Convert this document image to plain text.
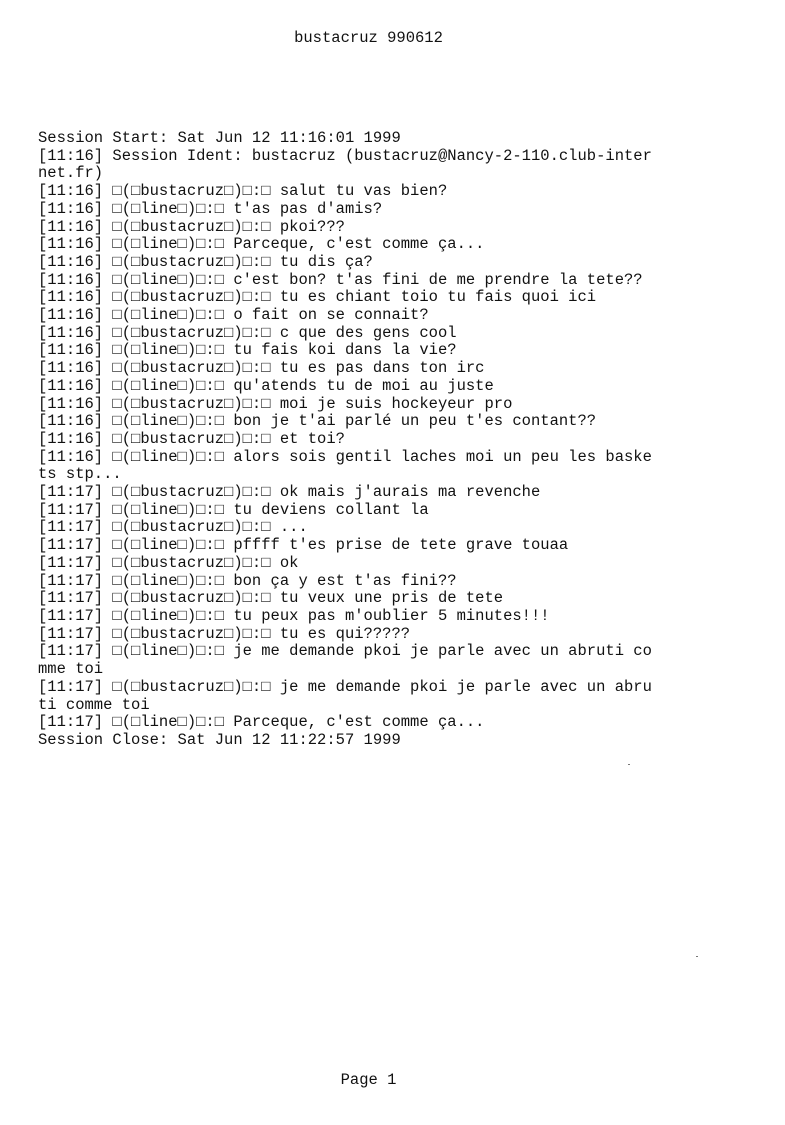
bustacruz 990612
Session Start: Sat Jun 12 11:16:01 1999
[11:16] Session Ident: bustacruz (bustacruz@Nancy-2-110.club-inter
net.fr)
[11:16] □(□bustacruz□)□:□ salut tu vas bien?
[11:16] □(□line□)□:□ t'as pas d'amis?
[11:16] □(□bustacruz□)□:□ pkoi???
[11:16] □(□line□)□:□ Parceque, c'est comme ça...
[11:16] □(□bustacruz□)□:□ tu dis ça?
[11:16] □(□line□)□:□ c'est bon? t'as fini de me prendre la tete??
[11:16] □(□bustacruz□)□:□ tu es chiant toio tu fais quoi ici
[11:16] □(□line□)□:□ o fait on se connait?
[11:16] □(□bustacruz□)□:□ c que des gens cool
[11:16] □(□line□)□:□ tu fais koi dans la vie?
[11:16] □(□bustacruz□)□:□ tu es pas dans ton irc
[11:16] □(□line□)□:□ qu'atends tu de moi au juste
[11:16] □(□bustacruz□)□:□ moi je suis hockeyeur pro
[11:16] □(□line□)□:□ bon je t'ai parlé un peu t'es contant??
[11:16] □(□bustacruz□)□:□ et toi?
[11:16] □(□line□)□:□ alors sois gentil laches moi un peu les baske
ts stp...
[11:17] □(□bustacruz□)□:□ ok mais j'aurais ma revenche
[11:17] □(□line□)□:□ tu deviens collant la
[11:17] □(□bustacruz□)□:□ ...
[11:17] □(□line□)□:□ pffff t'es prise de tete grave touaa
[11:17] □(□bustacruz□)□:□ ok
[11:17] □(□line□)□:□ bon ça y est t'as fini??
[11:17] □(□bustacruz□)□:□ tu veux une pris de tete
[11:17] □(□line□)□:□ tu peux pas m'oublier 5 minutes!!!
[11:17] □(□bustacruz□)□:□ tu es qui?????
[11:17] □(□line□)□:□ je me demande pkoi je parle avec un abruti co
mme toi
[11:17] □(□bustacruz□)□:□ je me demande pkoi je parle avec un abru
ti comme toi
[11:17] □(□line□)□:□ Parceque, c'est comme ça...
Session Close: Sat Jun 12 11:22:57 1999
Page 1
